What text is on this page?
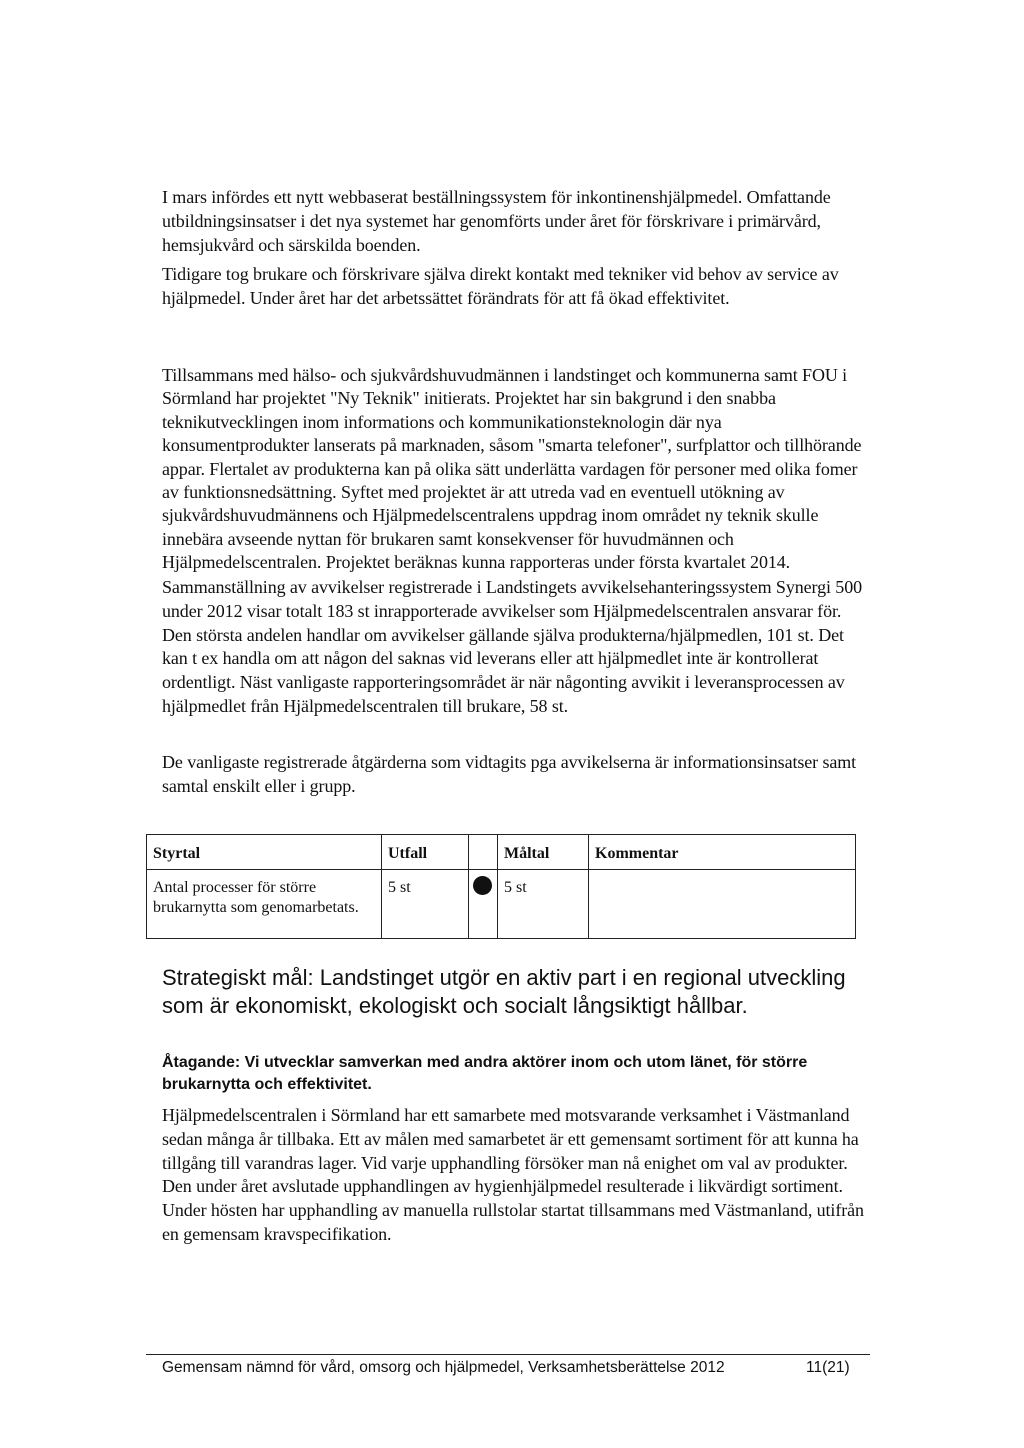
I mars infördes ett nytt webbaserat beställningssystem för inkontinenshjälpmedel. Omfattande utbildningsinsatser i det nya systemet har genomförts under året för förskrivare i primärvård, hemsjukvård och särskilda boenden.

Tidigare tog brukare och förskrivare själva direkt kontakt med tekniker vid behov av service av hjälpmedel. Under året har det arbetssättet förändrats för att få ökad effektivitet.

Tillsammans med hälso- och sjukvårdshuvudmännen i landstinget och kommunerna samt FOU i Sörmland har projektet "Ny Teknik" initierats. Projektet har sin bakgrund i den snabba teknikutvecklingen inom informations och kommunikationsteknologin där nya konsumentprodukter lanserats på marknaden, såsom "smarta telefoner", surfplattor och tillhörande appar. Flertalet av produkterna kan på olika sätt underlätta vardagen för personer med olika fomer av funktionsnedsättning. Syftet med projektet är att utreda vad en eventuell utökning av sjukvårdshuvudmännens och Hjälpmedelscentralens uppdrag inom området ny teknik skulle innebära avseende nyttan för brukaren samt konsekvenser för huvudmännen och Hjälpmedelscentralen. Projektet beräknas kunna rapporteras under första kvartalet 2014.

Sammanställning av avvikelser registrerade i Landstingets avvikelsehanteringssystem Synergi 500 under 2012 visar totalt 183 st inrapporterade avvikelser som Hjälpmedelscentralen ansvarar för. Den största andelen handlar om avvikelser gällande själva produkterna/hjälpmedlen, 101 st. Det kan t ex handla om att någon del saknas vid leverans eller att hjälpmedlet inte är kontrollerat ordentligt. Näst vanligaste rapporteringsområdet är när någonting avvikit i leveransprocessen av hjälpmedlet från Hjälpmedelscentralen till brukare, 58 st.

De vanligaste registrerade åtgärderna som vidtagits pga avvikelserna är informationsinsatser samt samtal enskilt eller i grupp.

Styrtal	Utfall		Måltal	Kommentar

Antal processer för större brukarnytta som genomarbetats.	5 st		5 st	

Strategiskt mål: Landstinget utgör en aktiv part i en regional utveckling som är ekonomiskt, ekologiskt och socialt långsiktigt hållbar.

Åtagande: Vi utvecklar samverkan med andra aktörer inom och utom länet, för större brukarnytta och effektivitet.

Hjälpmedelscentralen i Sörmland har ett samarbete med motsvarande verksamhet i Västmanland sedan många år tillbaka. Ett av målen med samarbetet är ett gemensamt sortiment för att kunna ha tillgång till varandras lager. Vid varje upphandling försöker man nå enighet om val av produkter. Den under året avslutade upphandlingen av hygienhjälpmedel resulterade i likvärdigt sortiment. Under hösten har upphandling av manuella rullstolar startat tillsammans med Västmanland, utifrån en gemensam kravspecifikation.

Gemensam nämnd för vård, omsorg och hjälpmedel, Verksamhetsberättelse 2012	11(21)
